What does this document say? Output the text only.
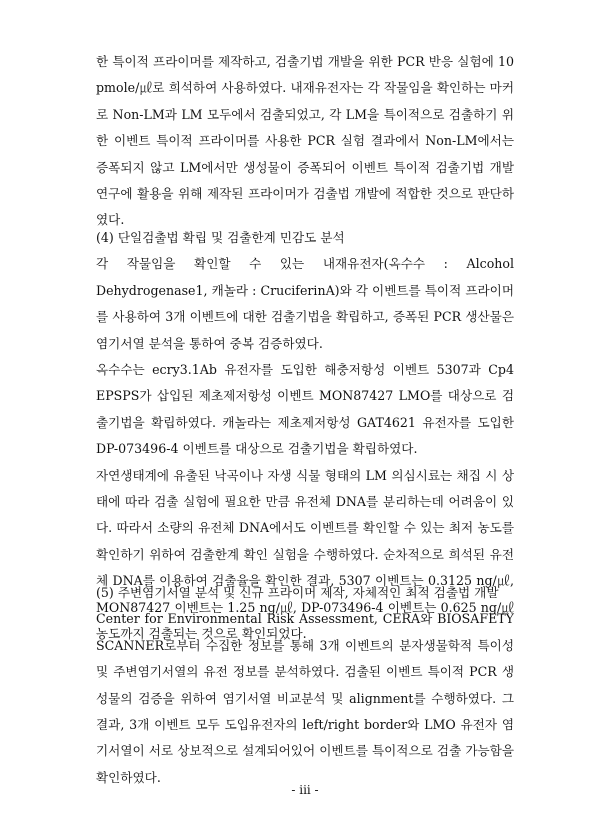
한 특이적 프라이머를 제작하고, 검출기법 개발을 위한 PCR 반응 실험에 10 pmole/㎕로 희석하여 사용하였다. 내재유전자는 각 작물임을 확인하는 마커로 Non-LM과 LM 모두에서 검출되었고, 각 LM을 특이적으로 검출하기 위한 이벤트 특이적 프라이머를 사용한 PCR 실험 결과에서 Non-LM에서는 증폭되지 않고 LM에서만 생성물이 증폭되어 이벤트 특이적 검출기법 개발연구에 활용을 위해 제작된 프라이머가 검출법 개발에 적합한 것으로 판단하였다.

(4) 단일검출법 확립 및 검출한계 민감도 분석

각 작물임을 확인할 수 있는 내재유전자(옥수수 : Alcohol Dehydrogenase1, 캐놀라 : CruciferinA)와 각 이벤트를 특이적 프라이머를 사용하여 3개 이벤트에 대한 검출기법을 확립하고, 증폭된 PCR 생산물은 염기서열 분석을 통하여 중복 검증하였다.

옥수수는 ecry3.1Ab 유전자를 도입한 해충저항성 이벤트 5307과 Cp4 EPSPS가 삽입된 제초제저항성 이벤트 MON87427 LMO를 대상으로 검출기법을 확립하였다. 캐놀라는 제초제저항성 GAT4621 유전자를 도입한 DP-073496-4 이벤트를 대상으로 검출기법을 확립하였다.

자연생태계에 유출된 낙곡이나 자생 식물 형태의 LM 의심시료는 채집 시 상태에 따라 검출 실험에 필요한 만큼 유전체 DNA를 분리하는데 어려움이 있다. 따라서 소량의 유전체 DNA에서도 이벤트를 확인할 수 있는 최저 농도를 확인하기 위하여 검출한계 확인 실험을 수행하였다. 순차적으로 희석된 유전체 DNA를 이용하여 검출율을 확인한 결과, 5307 이벤트는 0.3125 ng/㎕, MON87427 이벤트는 1.25 ng/㎕, DP-073496-4 이벤트는 0.625 ng/㎕농도까지 검출되는 것으로 확인되었다.

(5) 주변염기서열 분석 및 신규 프라이머 제작, 자체적인 최적 검출법 개발

Center for Environmental Risk Assessment, CERA와 BIOSAFETY SCANNER로부터 수집한 정보를 통해 3개 이벤트의 분자생물학적 특이성 및 주변염기서열의 유전 정보를 분석하였다. 검출된 이벤트 특이적 PCR 생성물의 검증을 위하여 염기서열 비교분석 및 alignment를 수행하였다. 그 결과, 3개 이벤트 모두 도입유전자의 left/right border와 LMO 유전자 염기서열이 서로 상보적으로 설계되어있어 이벤트를 특이적으로 검출 가능함을 확인하였다.

- iii -
